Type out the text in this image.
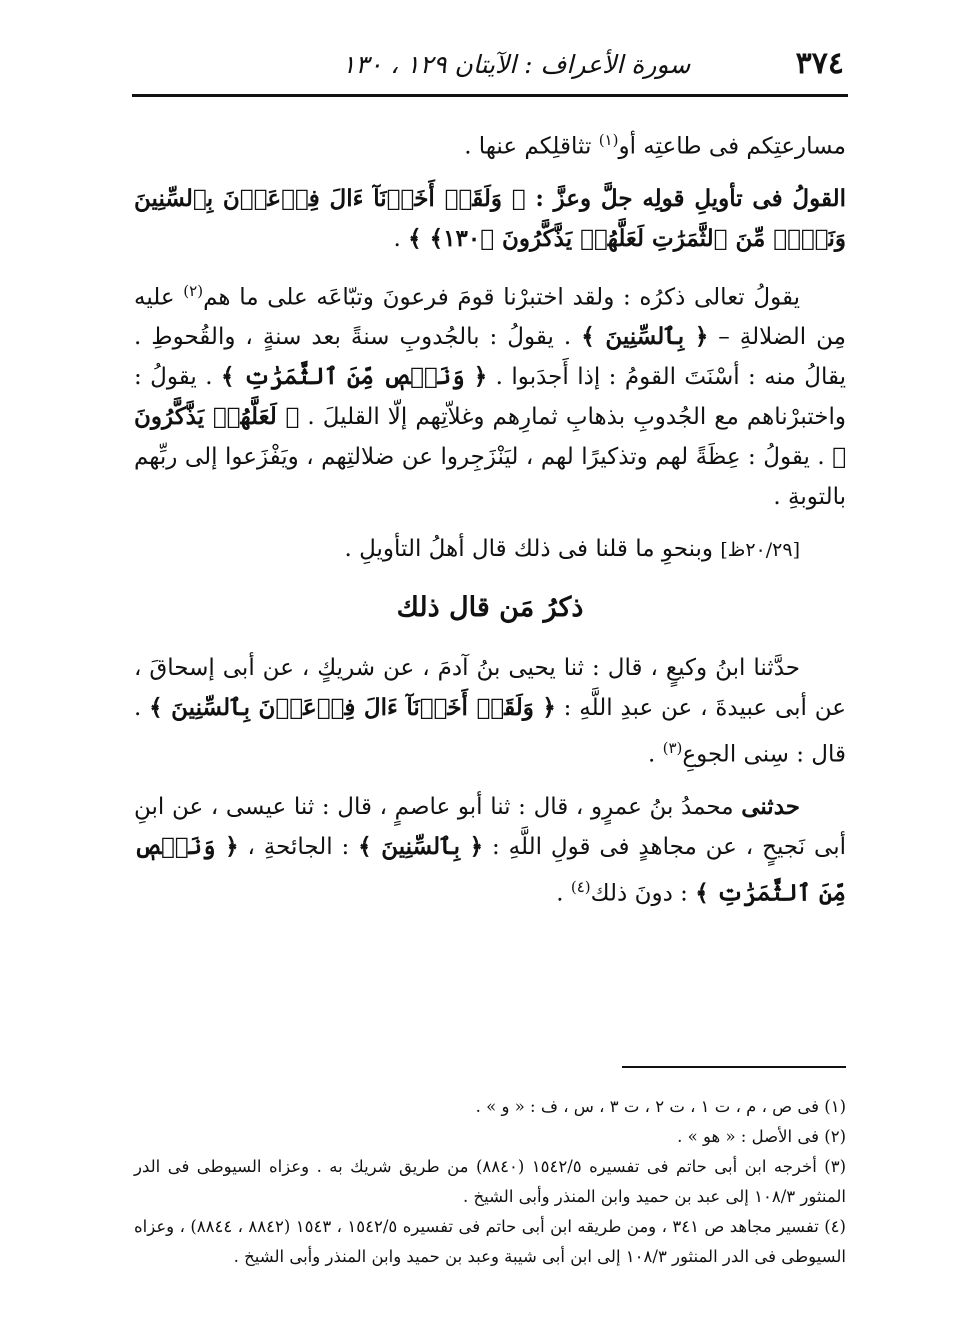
٣٧٤
سورة الأعراف : الآيتان ١٢٩ ، ١٣٠

مسارعتِكم فى طاعتِه أو$^{(١)}$ تثاقلِكم عنها .

القولُ فى تأويلِ قولِه جلَّ وعزَّ : ﴿ وَلَقَدۡ أَخَذۡنَآ ءَالَ فِرۡعَوۡنَ بِٱلسِّنِينَ وَنَقۡصٖ مِّنَ ٱلثَّمَرَٰتِ لَعَلَّهُمۡ يَذَّكَّرُونَ ﴿١٣٠﴾ ﴾ .

يقولُ تعالى ذكرُه : ولقد اختبرْنا قومَ فرعونَ وتبّاعَه على ما هم$^{(٢)}$ عليه مِن الضلالةِ – ﴿ بِٱلسِّنِينَ ﴾ . يقولُ : بالجُدوبِ سنةً بعد سنةٍ ، والقُحوطِ . يقالُ منه : أسْنَتَ القومُ : إذا أَجدَبوا . ﴿ وَنَقۡصٖ مِّنَ ٱلثَّمَرَٰتِ ﴾ . يقولُ : واختبرْناهم مع الجُدوبِ بذهابِ ثمارِهم وغلاّتِهم إلّا القليلَ . ﴿ لَعَلَّهُمۡ يَذَّكَّرُونَ ﴾ . يقولُ : عِظَةً لهم وتذكيرًا لهم ، ليَنْزَجِروا عن ضلالتِهم ، ويَفْزَعوا إلى ربِّهم بالتوبةِ .

[٢٠/٢٩ظ] وبنحوِ ما قلنا فى ذلك قال أهلُ التأويلِ .

ذكرُ مَن قال ذلك

حدَّثنا ابنُ وكيعٍ ، قال : ثنا يحيى بنُ آدمَ ، عن شريكٍ ، عن أبى إسحاقَ ، عن أبى عبيدةَ ، عن عبدِ اللَّهِ : ﴿ وَلَقَدۡ أَخَذۡنَآ ءَالَ فِرۡعَوۡنَ بِٱلسِّنِينَ ﴾ . قال : سِنى الجوعِ$^{(٣)}$ .

حدثنى محمدُ بنُ عمرٍو ، قال : ثنا أبو عاصمٍ ، قال : ثنا عيسى ، عن ابنِ أبى نَجيحٍ ، عن مجاهدٍ فى قولِ اللَّهِ : ﴿ بِٱلسِّنِينَ ﴾ : الجائحةِ ، ﴿ وَنَقۡصٖ مِّنَ ٱلثَّمَرَٰتِ ﴾ : دونَ ذلك$^{(٤)}$ .

(١) فى ص ، م ، ت ١ ، ت ٢ ، ت ٣ ، س ، ف : « و » .

(٢) فى الأصل : « هو » .

(٣) أخرجه ابن أبى حاتم فى تفسيره ١٥٤٢/٥ (٨٨٤٠) من طريق شريك به . وعزاه السيوطى فى الدر المنثور ١٠٨/٣ إلى عبد بن حميد وابن المنذر وأبى الشيخ .

(٤) تفسير مجاهد ص ٣٤١ ، ومن طريقه ابن أبى حاتم فى تفسيره ١٥٤٢/٥ ، ١٥٤٣ (٨٨٤٢ ، ٨٨٤٤) ، وعزاه السيوطى فى الدر المنثور ١٠٨/٣ إلى ابن أبى شيبة وعبد بن حميد وابن المنذر وأبى الشيخ .
